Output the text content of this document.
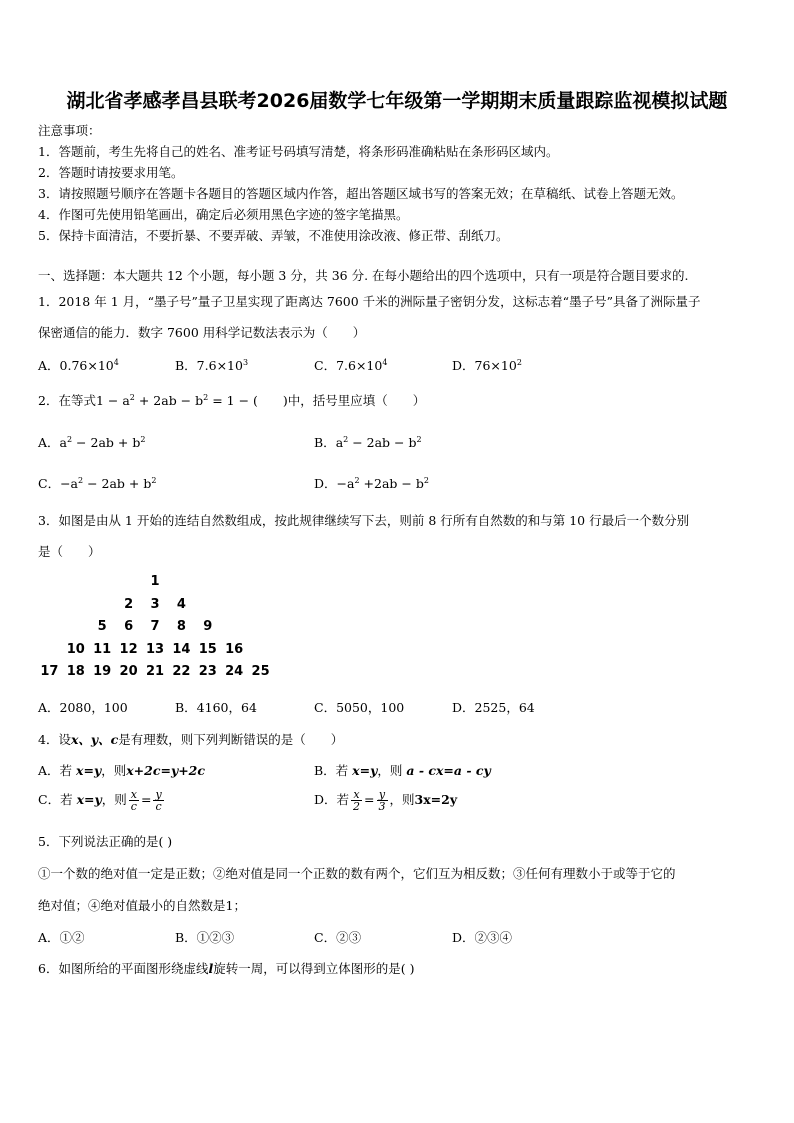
湖北省孝感孝昌县联考2026届数学七年级第一学期期末质量跟踪监视模拟试题
注意事项：
1．答题前，考生先将自己的姓名、准考证号码填写清楚，将条形码准确粘贴在条形码区域内。
2．答题时请按要求用笔。
3．请按照题号顺序在答题卡各题目的答题区域内作答，超出答题区域书写的答案无效；在草稿纸、试卷上答题无效。
4．作图可先使用铅笔画出，确定后必须用黑色字迹的签字笔描黑。
5．保持卡面清洁，不要折暴、不要弄破、弄皱，不准使用涂改液、修正带、刮纸刀。
一、选择题：本大题共 12 个小题，每小题 3 分，共 36 分. 在每小题给出的四个选项中，只有一项是符合题目要求的.
1．2018 年 1 月，“墨子号”量子卫星实现了距离达 7600 千米的洲际量子密钥分发，这标志着“墨子号”具备了洲际量子
保密通信的能力．数字 7600 用科学记数法表示为（　　）
A．$0.76\times 10^4$	B．$7.6\times 10^3$	C．$7.6\times 10^4$	D．$76\times 10^2$
2．在等式$1 - a^2 + 2ab - b^2 = 1$ − (　　)中，括号里应填（　　）
A．$a^2 - 2ab + b^2$	B．$a^2 - 2ab - b^2$
C．$-a^2 - 2ab + b^2$	D．$-a^2 +2ab - b^2$
3．如图是由从 1 开始的连结自然数组成，按此规律继续写下去，则前 8 行所有自然数的和与第 10 行最后一个数分别
是（　　）
1
2	3	4
5	6	7	8	9
10 11 12 13 14 15 16
17 18 19 20 21 22 23 24 25
A．2080，100	B．4160，64	C．5050，100	D．2525，64
4．设x、y、c是有理数，则下列判断错误的是（　　）
A．若 x=y，则x+2c=y+2c	B．若 x=y，则 a - cx=a - cy
C．若 x=y，则 $\frac{x}{c} = \frac{y}{c}$	D．若 $\frac{x}{2} = \frac{y}{3}$ ，则3x=2y
5．下列说法正确的是( )
①一个数的绝对值一定是正数；②绝对值是同一个正数的数有两个，它们互为相反数；③任何有理数小于或等于它的
绝对值；④绝对值最小的自然数是1；
A．①②	B．①②③	C．②③	D．②③④
6．如图所给的平面图形绕虚线l旋转一周，可以得到立体图形的是( )
